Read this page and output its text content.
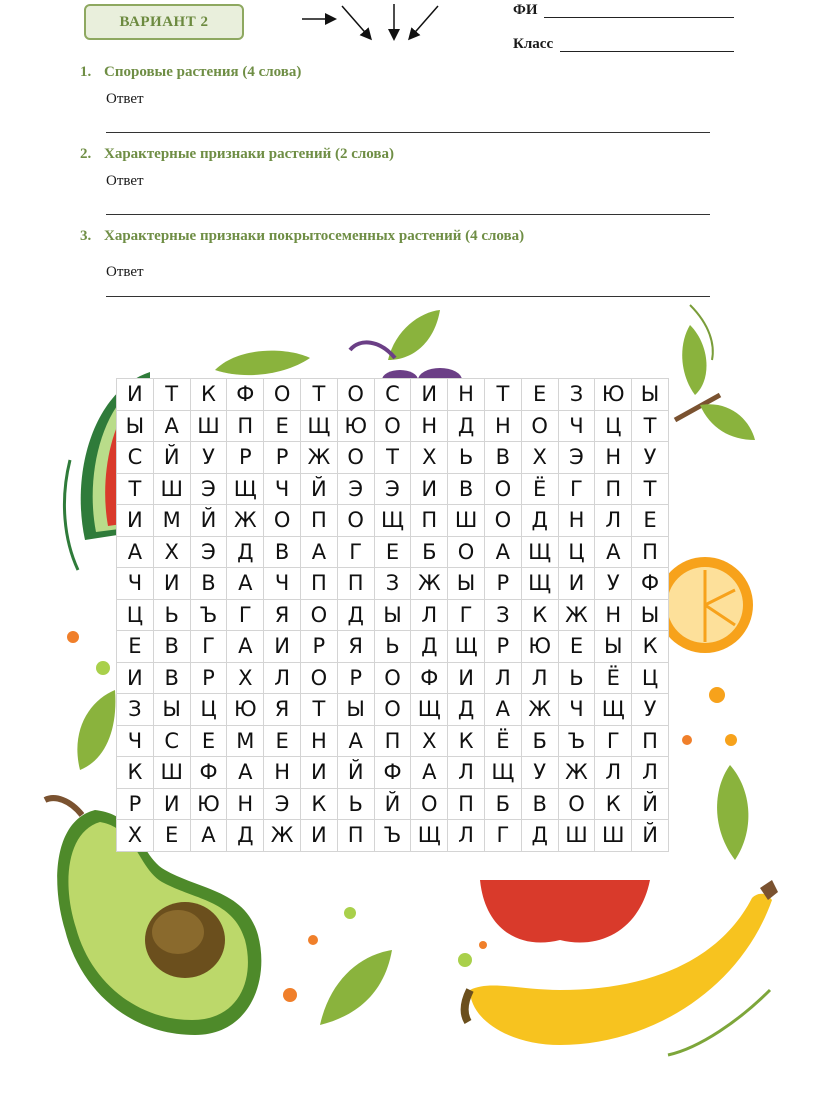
ВАРИАНТ 2
ФИ
Класс
1. Споровые растения (4 слова)
Ответ
2. Характерные признаки растений (2 слова)
Ответ
3. Характерные признаки покрытосеменных растений (4 слова)
Ответ
И	Т	К	Ф	О	Т	О	С	И	Н	Т	Е	З	Ю	Ы
Ы	А	Ш	П	Е	Щ	Ю	О	Н	Д	Н	О	Ч	Ц	Т
С	Й	У	Р	Р	Ж	О	Т	Х	Ь	В	Х	Э	Н	У
Т	Ш	Э	Щ	Ч	Й	Э	Э	И	В	О	Ё	Г	П	Т
И	М	Й	Ж	О	П	О	Щ	П	Ш	О	Д	Н	Л	Е
А	Х	Э	Д	В	А	Г	Е	Б	О	А	Щ	Ц	А	П
Ч	И	В	А	Ч	П	П	З	Ж	Ы	Р	Щ	И	У	Ф
Ц	Ь	Ъ	Г	Я	О	Д	Ы	Л	Г	З	К	Ж	Н	Ы
Е	В	Г	А	И	Р	Я	Ь	Д	Щ	Р	Ю	Е	Ы	К
И	В	Р	Х	Л	О	Р	О	Ф	И	Л	Л	Ь	Ё	Ц
З	Ы	Ц	Ю	Я	Т	Ы	О	Щ	Д	А	Ж	Ч	Щ	У
Ч	С	Е	М	Е	Н	А	П	Х	К	Ё	Б	Ъ	Г	П
К	Ш	Ф	А	Н	И	Й	Ф	А	Л	Щ	У	Ж	Л	Л
Р	И	Ю	Н	Э	К	Ь	Й	О	П	Б	В	О	К	Й
Х	Е	А	Д	Ж	И	П	Ъ	Щ	Л	Г	Д	Ш	Ш	Й
